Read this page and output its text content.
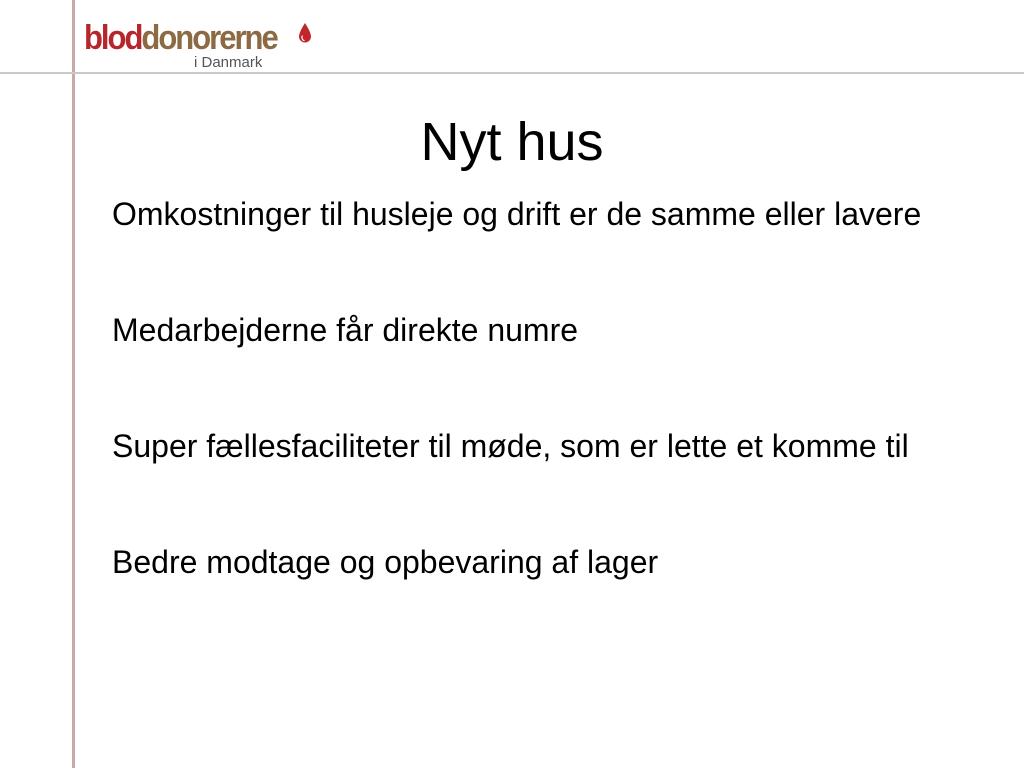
bloddonorerne
i Danmark
Nyt hus
Omkostninger til husleje og drift er de samme eller lavere
Medarbejderne får direkte numre
Super fællesfaciliteter til møde, som er lette et komme til
Bedre modtage og opbevaring af lager
